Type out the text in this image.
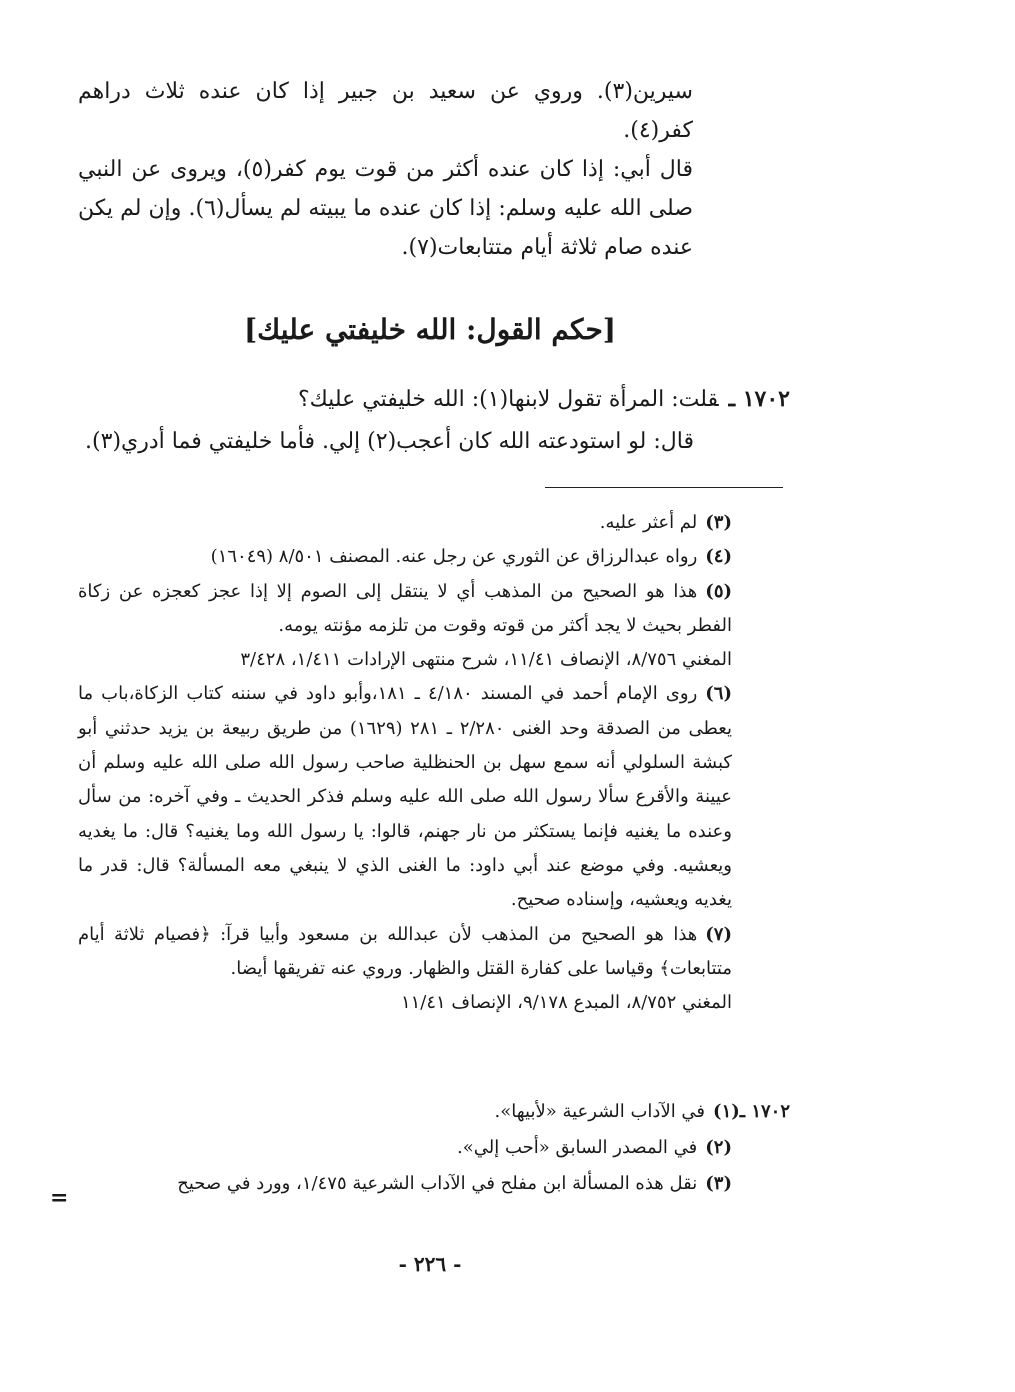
سيرين(٣). وروي عن سعيد بن جبير إذا كان عنده ثلاث دراهم كفر(٤).

قال أبي: إذا كان عنده أكثر من قوت يوم كفر(٥)، ويروى عن النبي صلى الله عليه وسلم: إذا كان عنده ما يبيته لم يسأل(٦). وإن لم يكن عنده صام ثلاثة أيام متتابعات(٧).

[حكم القول: الله خليفتي عليك]
١٧٠٢ ـقلت: المرأة تقول لابنها(١): الله خليفتي عليك؟
قال: لو استودعته الله كان أعجب(٢) إلي. فأما خليفتي فما أدري(٣).

(٣)لم أعثر عليه.

(٤)رواه عبدالرزاق عن الثوري عن رجل عنه. المصنف ٨/٥٠١ (١٦٠٤٩)

(٥)هذا هو الصحيح من المذهب أي لا ينتقل إلى الصوم إلا إذا عجز كعجزه عن زكاة الفطر بحيث لا يجد أكثر من قوته وقوت من تلزمه مؤنته يومه.

المغني ٨/٧٥٦، الإنصاف ١١/٤١، شرح منتهى الإرادات ١/٤١١، ٣/٤٢٨

(٦)روى الإمام أحمد في المسند ٤/١٨٠ ـ ١٨١،وأبو داود في سننه كتاب الزكاة،باب ما يعطى من الصدقة وحد الغنى ٢/٢٨٠ ـ ٢٨١ (١٦٢٩) من طريق ربيعة بن يزيد حدثني أبو كبشة السلولي أنه سمع سهل بن الحنظلية صاحب رسول الله صلى الله عليه وسلم أن عيينة والأقرع سألا رسول الله صلى الله عليه وسلم فذكر الحديث ـ وفي آخره: من سأل وعنده ما يغنيه فإنما يستكثر من نار جهنم، قالوا: يا رسول الله وما يغنيه؟ قال: ما يغديه ويعشيه. وفي موضع عند أبي داود: ما الغنى الذي لا ينبغي معه المسألة؟ قال: قدر ما يغديه ويعشيه، وإسناده صحيح.

(٧)هذا هو الصحيح من المذهب لأن عبدالله بن مسعود وأبيا قرآ: ﴿فصيام ثلاثة أيام متتابعات﴾ وقياسا على كفارة القتل والظهار. وروي عنه تفريقها أيضا.

المغني ٨/٧٥٢، المبدع ٩/١٧٨، الإنصاف ١١/٤١

١٧٠٢ ـ(١)في الآداب الشرعية «لأبيها».

(٢)في المصدر السابق «أحب إلي».

(٣)نقل هذه المسألة ابن مفلح في الآداب الشرعية ١/٤٧٥، وورد في صحيح

=
- ٢٢٦ -
